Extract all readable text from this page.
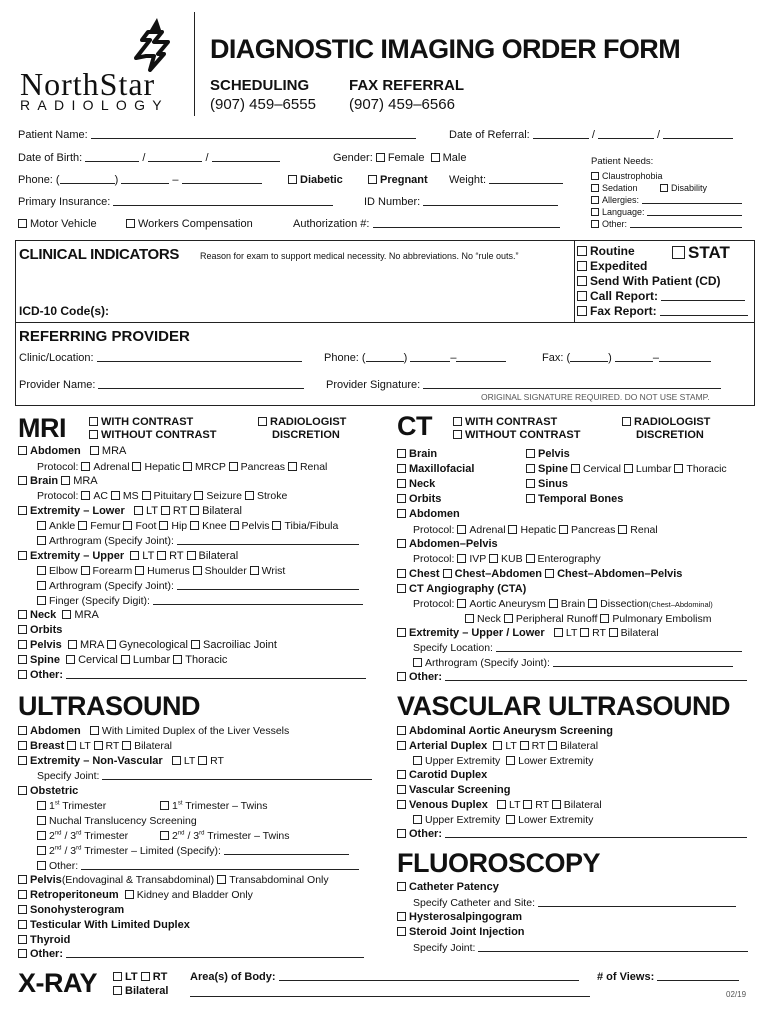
NorthStar
RADIOLOGY
DIAGNOSTIC IMAGING ORDER FORM
SCHEDULING
(907) 459–6555
FAX REFERRAL
(907) 459–6566
Patient Name:	Date of Referral:	/	/
Date of Birth:	/	/	Gender: Female Male
Phone: (	)	–	Diabetic	Pregnant Weight:
Primary Insurance:	ID Number:
Motor Vehicle	Workers Compensation	Authorization #:
Patient Needs:
Claustrophobia
Sedation	Disability
Allergies:
Language:
Other:
CLINICAL INDICATORS Reason for exam to support medical necessity. No abbreviations. No “rule outs.”
ICD-10 Code(s):
Routine	STAT
Expedited
Send With Patient (CD)
Call Report:
Fax Report:
REFERRING PROVIDER
Clinic/Location:	Phone: (	)	–	Fax: (	)	–
Provider Name:	Provider Signature:
ORIGINAL SIGNATURE REQUIRED. DO NOT USE STAMP.
MRI	WITH CONTRAST
WITHOUT CONTRAST
RADIOLOGIST
DISCRETION
Abdomen MRA
Protocol: Adrenal Hepatic MRCP Pancreas Renal
Brain MRA
Protocol: AC MS Pituitary Seizure Stroke
Extremity – Lower LT RT Bilateral
Ankle Femur Foot Hip Knee Pelvis Tibia/Fibula
Arthrogram (Specify Joint):
Extremity – Upper LT RT Bilateral
Elbow Forearm Humerus Shoulder Wrist
Arthrogram (Specify Joint):
Finger (Specify Digit):
Neck MRA
Orbits
Pelvis MRA Gynecological Sacroiliac Joint
Spine Cervical Lumbar Thoracic
Other:
CT	WITH CONTRAST
WITHOUT CONTRAST
RADIOLOGIST
DISCRETION
Brain	Pelvis
Maxillofacial	Spine Cervical Lumbar Thoracic
Neck	Sinus
Orbits	Temporal Bones
Abdomen
Protocol: Adrenal Hepatic Pancreas Renal
Abdomen–Pelvis
Protocol: IVP KUB Enterography
Chest Chest–Abdomen Chest–Abdomen–Pelvis
CT Angiography (CTA)
Protocol: Aortic Aneurysm Brain Dissection(Chest–Abdominal)
Neck Peripheral Runoff Pulmonary Embolism
Extremity – Upper / Lower LT RT Bilateral
Specify Location:
Arthrogram (Specify Joint):
Other:
ULTRASOUND
Abdomen With Limited Duplex of the Liver Vessels
Breast LT RT Bilateral
Extremity – Non-Vascular LT RT
Specify Joint:
Obstetric
1st Trimester	1st Trimester – Twins
Nuchal Translucency Screening
2nd / 3rd Trimester	2nd / 3rd Trimester – Twins
2nd / 3rd Trimester – Limited (Specify):
Other:
Pelvis(Endovaginal & Transabdominal) Transabdominal Only
Retroperitoneum Kidney and Bladder Only
Sonohysterogram
Testicular With Limited Duplex
Thyroid
Other:
VASCULAR ULTRASOUND
Abdominal Aortic Aneurysm Screening
Arterial Duplex LT RT Bilateral
Upper Extremity Lower Extremity
Carotid Duplex
Vascular Screening
Venous Duplex LT RT Bilateral
Upper Extremity Lower Extremity
Other:
FLUOROSCOPY
Catheter Patency
Specify Catheter and Site:
Hysterosalpingogram
Steroid Joint Injection
Specify Joint:
X-RAY	LT RT
Bilateral
Area(s) of Body:	# of Views:
02/19
